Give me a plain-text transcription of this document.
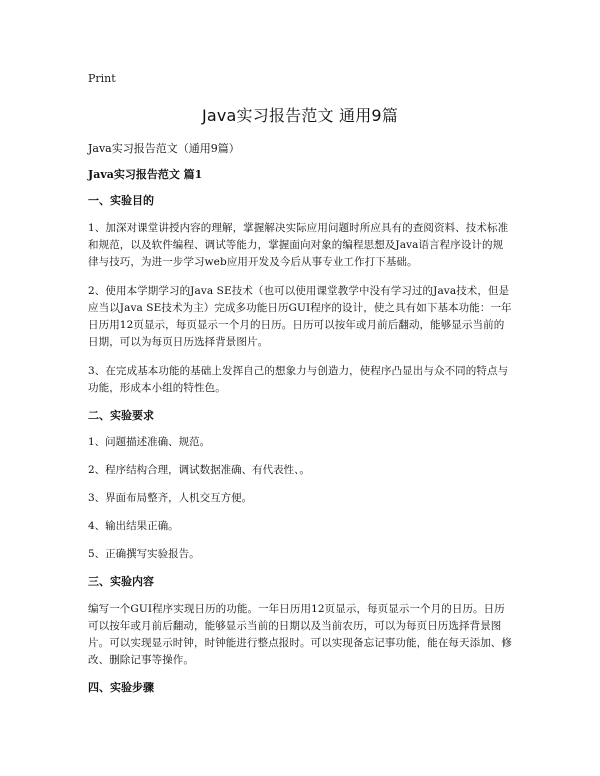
Print
Java实习报告范文 通用9篇
Java实习报告范文（通用9篇）
Java实习报告范文 篇1
一、实验目的

1、加深对课堂讲授内容的理解，掌握解决实际应用问题时所应具有的查阅资料、技术标准和规范，以及软件编程、调试等能力，掌握面向对象的编程思想及Java语言程序设计的规律与技巧，为进一步学习web应用开发及今后从事专业工作打下基础。

2、使用本学期学习的Java SE技术（也可以使用课堂教学中没有学习过的Java技术，但是应当以Java SE技术为主）完成多功能日历GUI程序的设计，使之具有如下基本功能：一年日历用12页显示，每页显示一个月的日历。日历可以按年或月前后翻动，能够显示当前的日期，可以为每页日历选择背景图片。

3、在完成基本功能的基础上发挥自己的想象力与创造力，使程序凸显出与众不同的特点与功能，形成本小组的特性色。

二、实验要求
1、问题描述准确、规范。
2、程序结构合理，调试数据准确、有代表性、。
3、界面布局整齐，人机交互方便。
4、输出结果正确。
5、正确撰写实验报告。
三、实验内容

编写一个GUI程序实现日历的功能。一年日历用12页显示，每页显示一个月的日历。日历可以按年或月前后翻动，能够显示当前的日期以及当前农历，可以为每页日历选择背景图片。可以实现显示时钟，时钟能进行整点报时。可以实现备忘记事功能，能在每天添加、修改、删除记事等操作。

四、实验步骤
